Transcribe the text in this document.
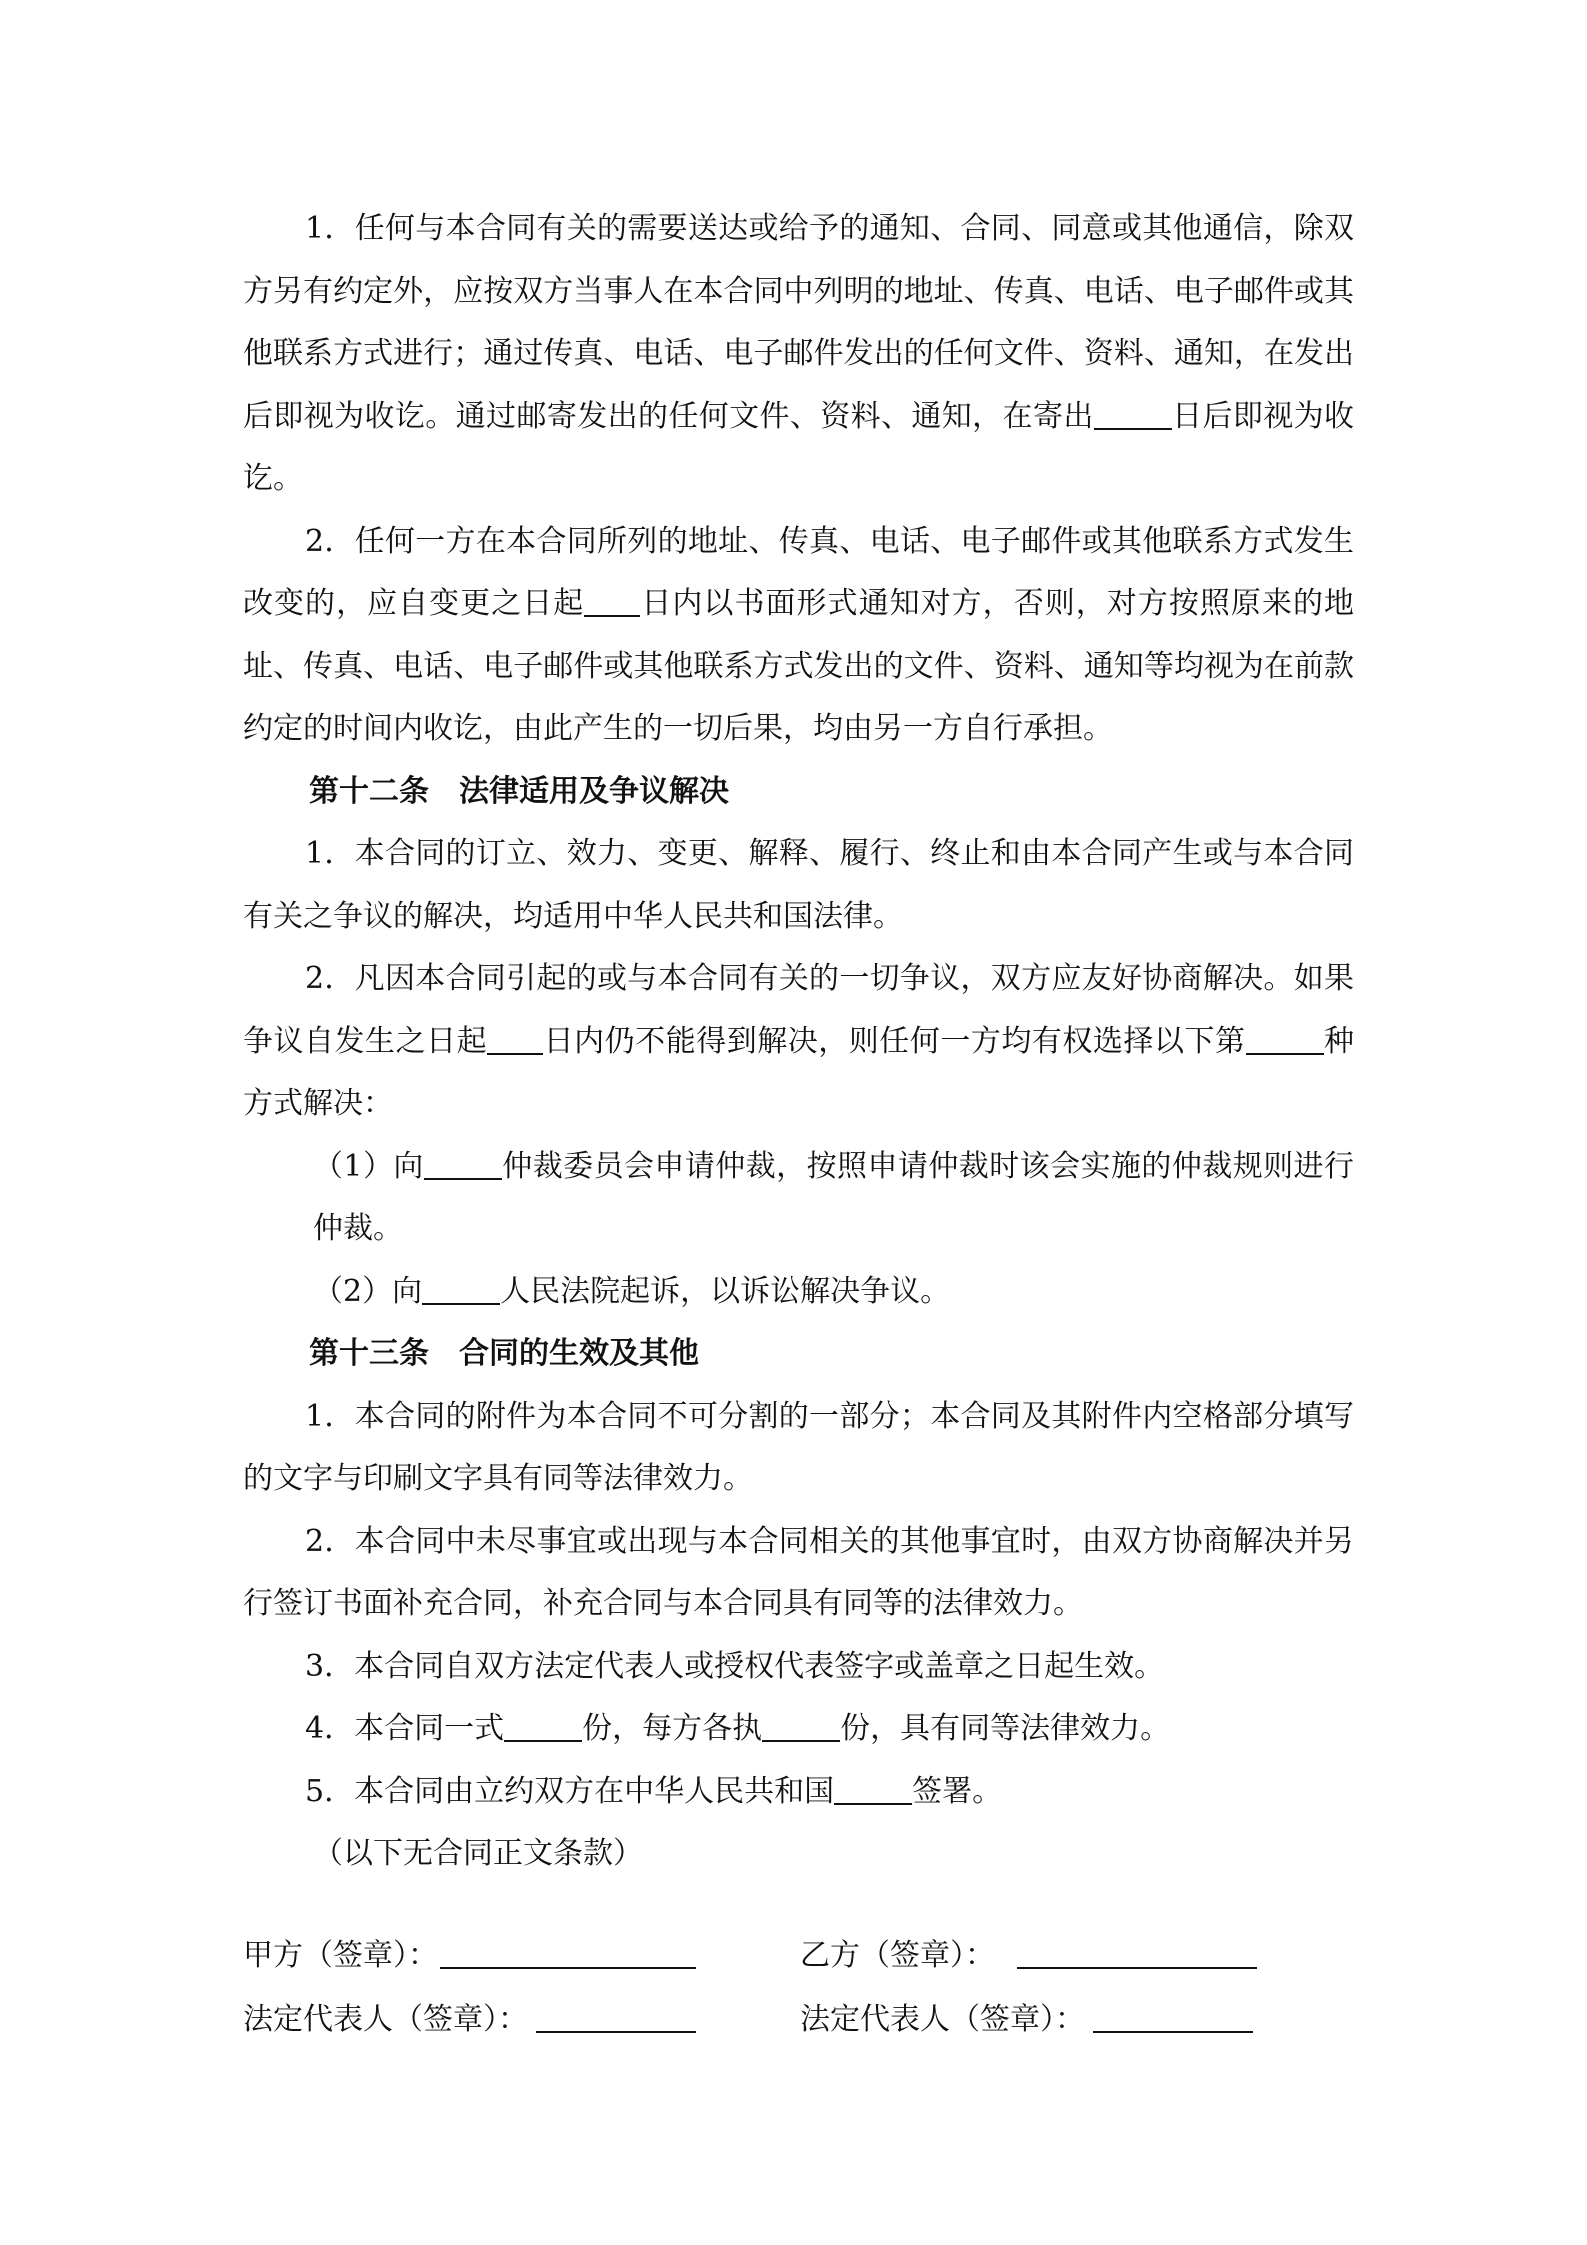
1．任何与本合同有关的需要送达或给予的通知、合同、同意或其他通信，除双方另有约定外，应按双方当事人在本合同中列明的地址、传真、电话、电子邮件或其他联系方式进行；通过传真、电话、电子邮件发出的任何文件、资料、通知，在发出后即视为收讫。通过邮寄发出的任何文件、资料、通知，在寄出	日后即视为收讫。

2．任何一方在本合同所列的地址、传真、电话、电子邮件或其他联系方式发生改变的，应自变更之日起 日内以书面形式通知对方，否则，对方按照原来的地址、传真、电话、电子邮件或其他联系方式发出的文件、资料、通知等均视为在前款约定的时间内收讫，由此产生的一切后果，均由另一方自行承担。

第十二条 法律适用及争议解决

1．本合同的订立、效力、变更、解释、履行、终止和由本合同产生或与本合同有关之争议的解决，均适用中华人民共和国法律。

2．凡因本合同引起的或与本合同有关的一切争议，双方应友好协商解决。如果争议自发生之日起 日内仍不能得到解决，则任何一方均有权选择以下第	种方式解决：

（1）向	仲裁委员会申请仲裁，按照申请仲裁时该会实施的仲裁规则进行仲裁。

（2）向	人民法院起诉，以诉讼解决争议。

第十三条 合同的生效及其他

1．本合同的附件为本合同不可分割的一部分；本合同及其附件内空格部分填写的文字与印刷文字具有同等法律效力。

2．本合同中未尽事宜或出现与本合同相关的其他事宜时，由双方协商解决并另行签订书面补充合同，补充合同与本合同具有同等的法律效力。

3．本合同自双方法定代表人或授权代表签字或盖章之日起生效。

4．本合同一式	份，每方各执	份，具有同等法律效力。

5．本合同由立约双方在中华人民共和国	签署。

（以下无合同正文条款）

甲方（签章）：	乙方（签章）：
法定代表人（签章）：	法定代表人（签章）：
